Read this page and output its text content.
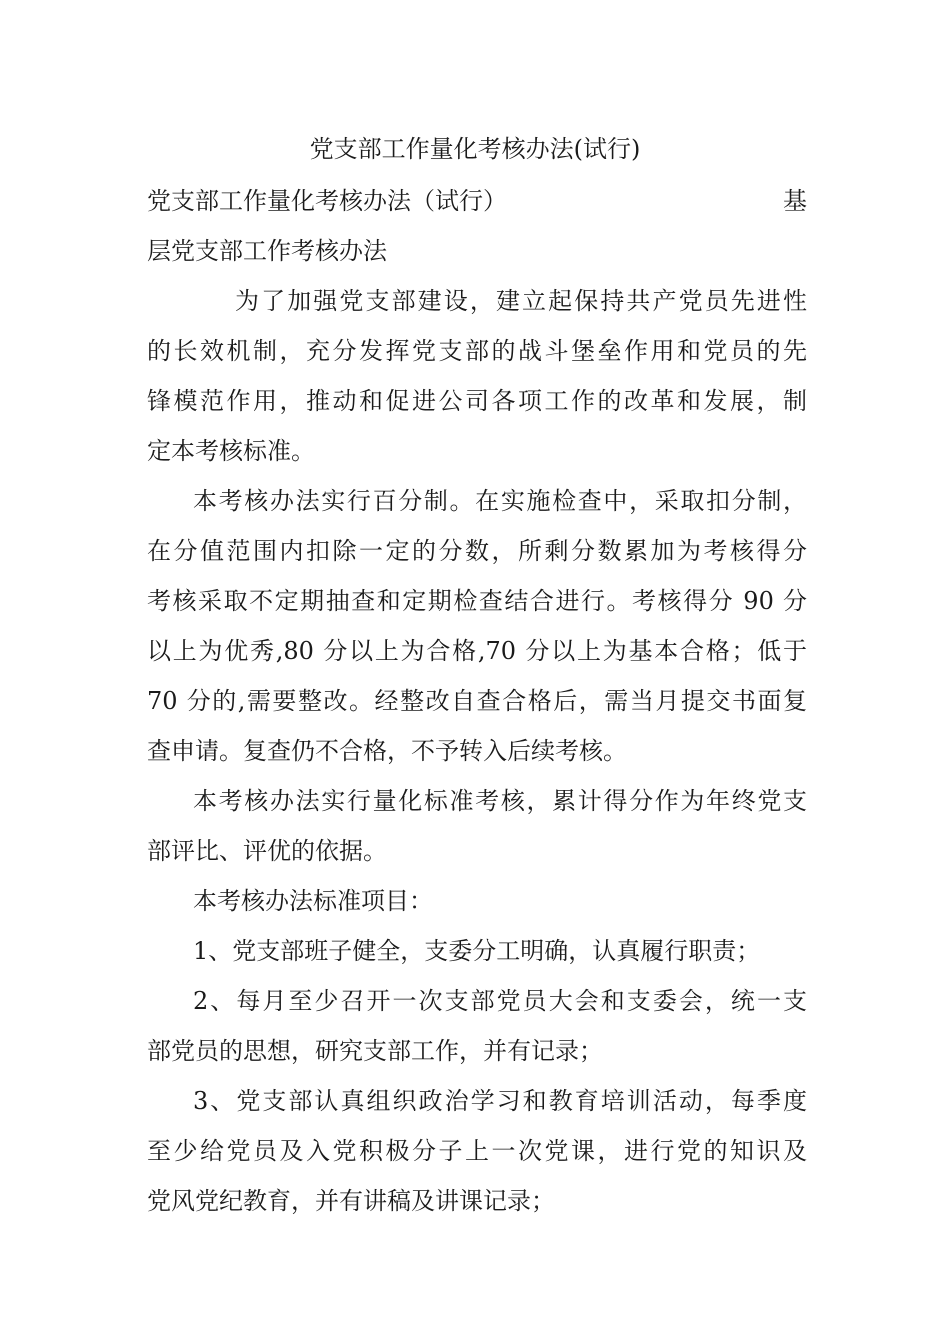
党支部工作量化考核办法(试行)
党支部工作量化考核办法（试行）	基
层党支部工作考核办法
为了加强党支部建设，建立起保持共产党员先进性
的长效机制，充分发挥党支部的战斗堡垒作用和党员的先
锋模范作用，推动和促进公司各项工作的改革和发展，制
定本考核标准。
本考核办法实行百分制。在实施检查中，采取扣分制，
在分值范围内扣除一定的分数，所剩分数累加为考核得分
考核采取不定期抽查和定期检查结合进行。考核得分 90 分
以上为优秀,80 分以上为合格,70 分以上为基本合格；低于
70 分的,需要整改。经整改自查合格后，需当月提交书面复
查申请。复查仍不合格，不予转入后续考核。
本考核办法实行量化标准考核，累计得分作为年终党支
部评比、评优的依据。
本考核办法标准项目：
1、党支部班子健全，支委分工明确，认真履行职责；
2、每月至少召开一次支部党员大会和支委会，统一支
部党员的思想，研究支部工作，并有记录；
3、党支部认真组织政治学习和教育培训活动，每季度
至少给党员及入党积极分子上一次党课，进行党的知识及
党风党纪教育，并有讲稿及讲课记录；
